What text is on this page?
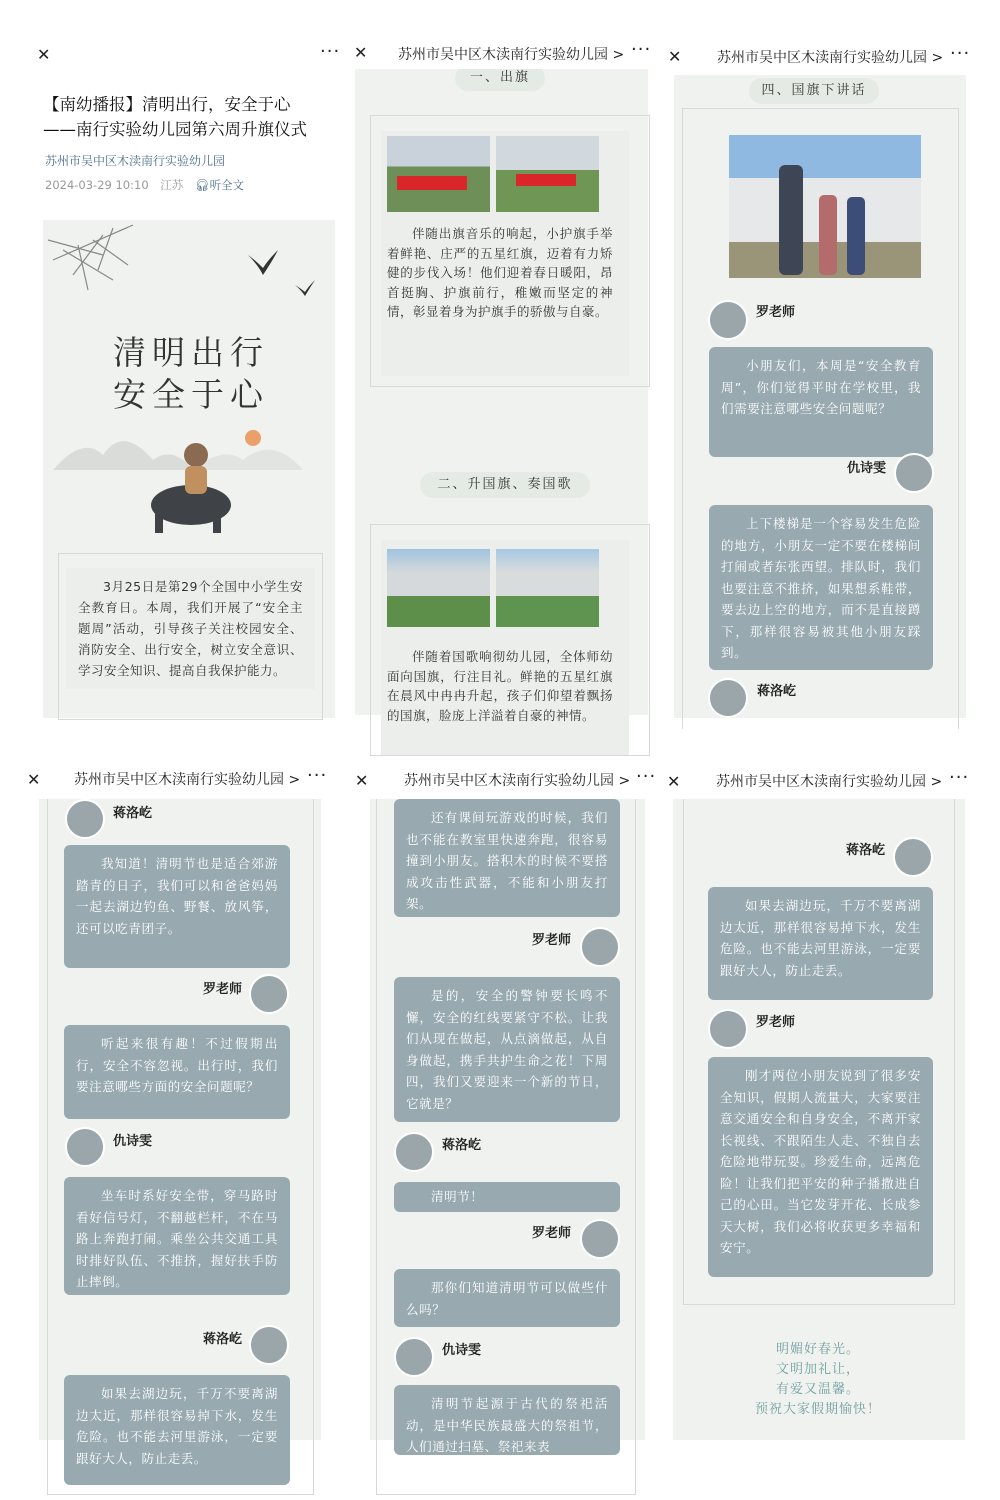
✕	···
【南幼播报】清明出行，安全于心
——南行实验幼儿园第六周升旗仪式
苏州市吴中区木渎南行实验幼儿园
2024-03-29 10:10 江苏 🎧︎听全文
清明出行
安全于心
3月25日是第29个全国中小学生安全教育日。本周，我们开展了“安全主题周”活动，引导孩子关注校园安全、消防安全、出行安全，树立安全意识、学习安全知识、提高自我保护能力。
✕ 苏州市吴中区木渎南行实验幼儿园 > ···
一、出旗
伴随出旗音乐的响起，小护旗手举着鲜艳、庄严的五星红旗，迈着有力矫健的步伐入场！他们迎着春日暖阳，昂首挺胸、护旗前行，稚嫩而坚定的神情，彰显着身为护旗手的骄傲与自豪。
二、升国旗、奏国歌
伴随着国歌响彻幼儿园，全体师幼面向国旗，行注目礼。鲜艳的五星红旗在晨风中冉冉升起，孩子们仰望着飘扬的国旗，脸庞上洋溢着自豪的神情。
✕	苏州市吴中区木渎南行实验幼儿园 > ···
四、国旗下讲话
罗老师
小朋友们，本周是“安全教育周”，你们觉得平时在学校里，我们需要注意哪些安全问题呢？
仇诗雯
上下楼梯是一个容易发生危险的地方，小朋友一定不要在楼梯间打闹或者东张西望。排队时，我们也要注意不推挤，如果想系鞋带，要去边上空的地方，而不是直接蹲下，那样很容易被其他小朋友踩到。
蒋洛屹
✕ 苏州市吴中区木渎南行实验幼儿园 > ···
蒋洛屹
我知道！清明节也是适合郊游踏青的日子，我们可以和爸爸妈妈一起去湖边钓鱼、野餐、放风筝，还可以吃青团子。
罗老师
听起来很有趣！不过假期出行，安全不容忽视。出行时，我们要注意哪些方面的安全问题呢？
仇诗雯
坐车时系好安全带，穿马路时看好信号灯，不翻越栏杆，不在马路上奔跑打闹。乘坐公共交通工具时排好队伍、不推挤，握好扶手防止摔倒。
蒋洛屹
如果去湖边玩，千万不要离湖边太近，那样很容易掉下水，发生危险。也不能去河里游泳，一定要跟好大人，防止走丢。
✕	苏州市吴中区木渎南行实验幼儿园 > ···
还有课间玩游戏的时候，我们也不能在教室里快速奔跑，很容易撞到小朋友。搭积木的时候不要搭成攻击性武器，不能和小朋友打架。
罗老师
是的，安全的警钟要长鸣不懈，安全的红线要紧守不松。让我们从现在做起，从点滴做起，从自身做起，携手共护生命之花！下周四，我们又要迎来一个新的节日，它就是？
蒋洛屹
清明节！
罗老师
那你们知道清明节可以做些什么吗？
仇诗雯
清明节起源于古代的祭祀活动，是中华民族最盛大的祭祖节，人们通过扫墓、祭祀来表
✕	苏州市吴中区木渎南行实验幼儿园 > ···
蒋洛屹
如果去湖边玩，千万不要离湖边太近，那样很容易掉下水，发生危险。也不能去河里游泳，一定要跟好大人，防止走丢。
罗老师
刚才两位小朋友说到了很多安全知识，假期人流量大，大家要注意交通安全和自身安全，不离开家长视线、不跟陌生人走、不独自去危险地带玩耍。珍爱生命，远离危险！让我们把平安的种子播撒进自己的心田。当它发芽开花、长成参天大树，我们必将收获更多幸福和安宁。
明媚好春光。
文明加礼让，
有爱又温馨。
预祝大家假期愉快！
